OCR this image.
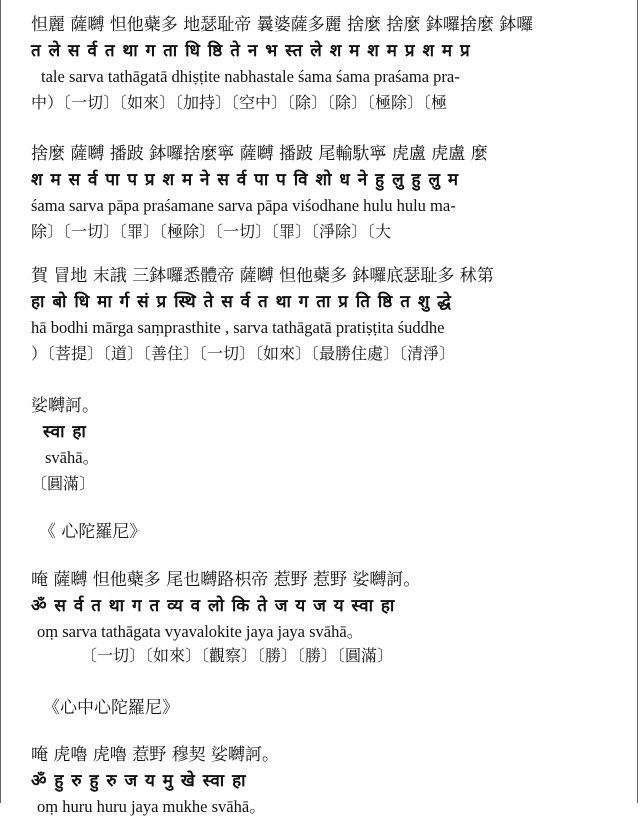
怛麗 薩嚩 怛他蘗多 地瑟耻帝 曩婆薩多麗 捨麼 捨麼 鉢囉捨麼 鉢囉
त ले स र्व त था ग ता धि ष्ठि ते न भ स्त ले श म श म प्र श म प्र
tale sarva tathāgatā dhiṣṭite nabhastale śama śama praśama pra-
中）〔一切〕〔如來〕〔加持〕〔空中〕〔除〕〔除〕〔極除〕〔極
捨麼 薩嚩 播跛 鉢囉捨麼寧 薩嚩 播跛 尾輸馱寧 虎盧 虎盧 麼
श म स र्व पा प प्र श म ने स र्व पा प वि शो ध ने हु लु हु लु म
śama sarva pāpa praśamane sarva pāpa viśodhane hulu hulu ma-
除〕〔一切〕〔罪〕〔極除〕〔一切〕〔罪〕〔淨除〕〔大
賀 冒地 末誐 三鉢囉悉體帝 薩嚩 怛他蘗多 鉢囉底瑟耻多 秫第
हा बो धि मा र्ग सं प्र स्थि ते स र्व त था ग ता प्र ति ष्ठि त शु द्धे
hā bodhi mārga saṃprasthite , sarva tathāgatā pratiṣṭita śuddhe
）〔菩提〕〔道〕〔善住〕〔一切〕〔如來〕〔最勝住處〕〔清淨〕
娑嚩訶。
स्वा हा
svāhā。
〔圓滿〕
《 心陀羅尼》
唵 薩嚩 怛他蘗多 尾也嚩路枳帝 惹野 惹野 娑嚩訶。
ॐ स र्व त था ग त व्य व लो कि ते ज य ज य स्वा हा
oṃ sarva tathāgata vyavalokite jaya jaya svāhā。
〔一切〕〔如來〕〔觀察〕〔勝〕〔勝〕〔圓滿〕
《心中心陀羅尼》
唵 虎嚕 虎嚕 惹野 穆契 娑嚩訶。
ॐ हु रु हु रु ज य मु खे स्वा हा
oṃ huru huru jaya mukhe svāhā。
